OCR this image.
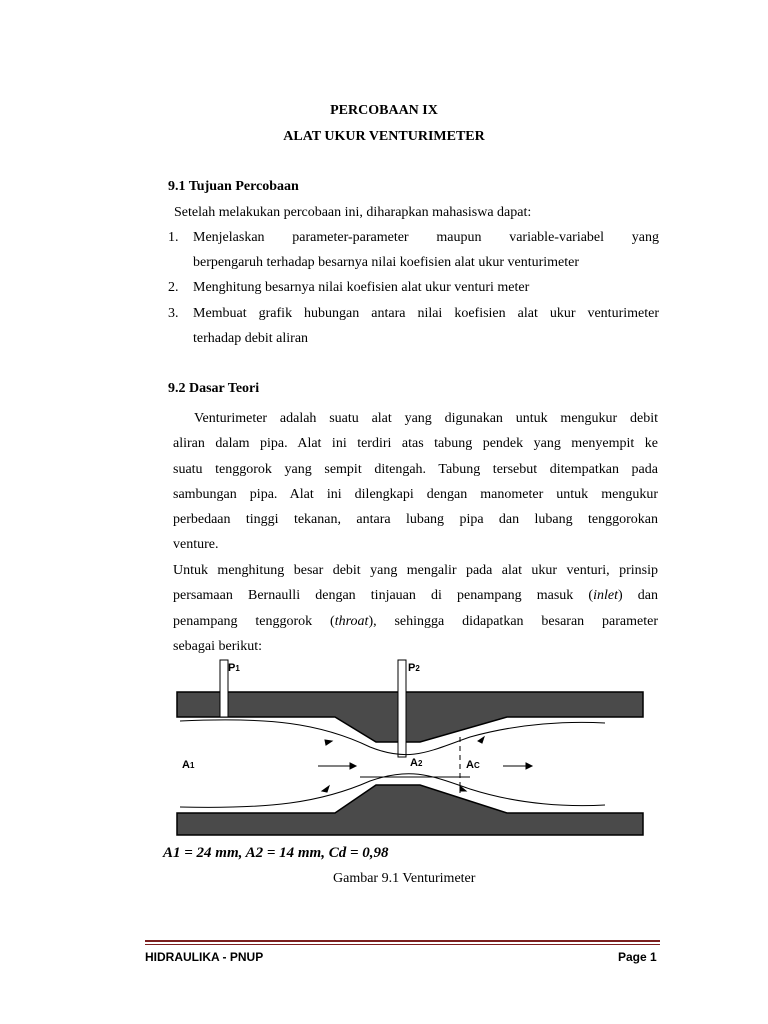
PERCOBAAN IX
ALAT UKUR VENTURIMETER
9.1 Tujuan Percobaan
Setelah melakukan percobaan ini, diharapkan mahasiswa dapat:
1. Menjelaskan parameter-parameter maupun variable-variabel yang
berpengaruh terhadap besarnya nilai koefisien alat ukur venturimeter
2. Menghitung besarnya nilai koefisien alat ukur venturi meter
3. Membuat grafik hubungan antara nilai koefisien alat ukur venturimeter
terhadap debit aliran
9.2 Dasar Teori
Venturimeter adalah suatu alat yang digunakan untuk mengukur debit
aliran dalam pipa. Alat ini terdiri atas tabung pendek yang menyempit ke
suatu tenggorok yang sempit ditengah. Tabung tersebut ditempatkan pada
sambungan pipa. Alat ini dilengkapi dengan manometer untuk mengukur
perbedaan tinggi tekanan, antara lubang pipa dan lubang tenggorokan
venture.
Untuk menghitung besar debit yang mengalir pada alat ukur venturi, prinsip
persamaan Bernaulli dengan tinjauan di penampang masuk (inlet) dan
penampang tenggorok (throat), sehingga didapatkan besaran parameter
sebagai berikut:
P1	P2
A1	A2	AC
A1 = 24 mm, A2 = 14 mm, Cd = 0,98
Gambar 9.1 Venturimeter
HIDRAULIKA - PNUP	Page 1
